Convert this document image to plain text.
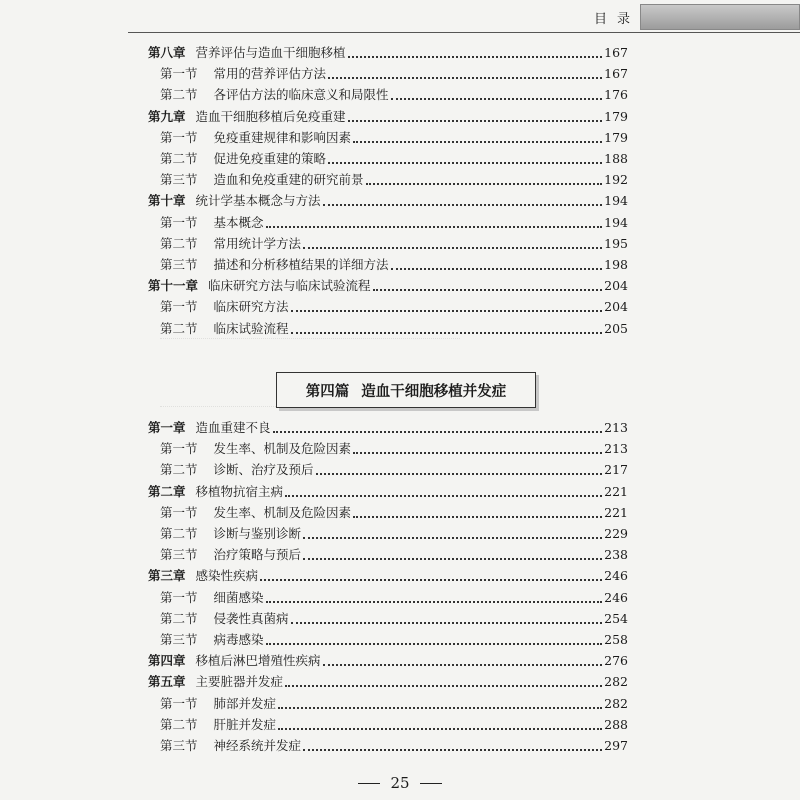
目录
第八章 营养评估与造血干细胞移植	167
第一节 常用的营养评估方法	167
第二节 各评估方法的临床意义和局限性	176
第九章 造血干细胞移植后免疫重建	179
第一节 免疫重建规律和影响因素	179
第二节 促进免疫重建的策略	188
第三节 造血和免疫重建的研究前景	192
第十章 统计学基本概念与方法	194
第一节 基本概念	194
第二节 常用统计学方法	195
第三节 描述和分析移植结果的详细方法	198
第十一章 临床研究方法与临床试验流程	204
第一节 临床研究方法	204
第二节 临床试验流程	205
第一章 造血重建不良	213
第一节 发生率、机制及危险因素	213
第二节 诊断、治疗及预后	217
第二章 移植物抗宿主病	221
第一节 发生率、机制及危险因素	221
第二节 诊断与鉴别诊断	229
第三节 治疗策略与预后	238
第三章 感染性疾病	246
第一节 细菌感染	246
第二节 侵袭性真菌病	254
第三节 病毒感染	258
第四章 移植后淋巴增殖性疾病	276
第五章 主要脏器并发症	282
第一节 肺部并发症	282
第二节 肝脏并发症	288
第三节 神经系统并发症	297
第四篇 造血干细胞移植并发症
25
